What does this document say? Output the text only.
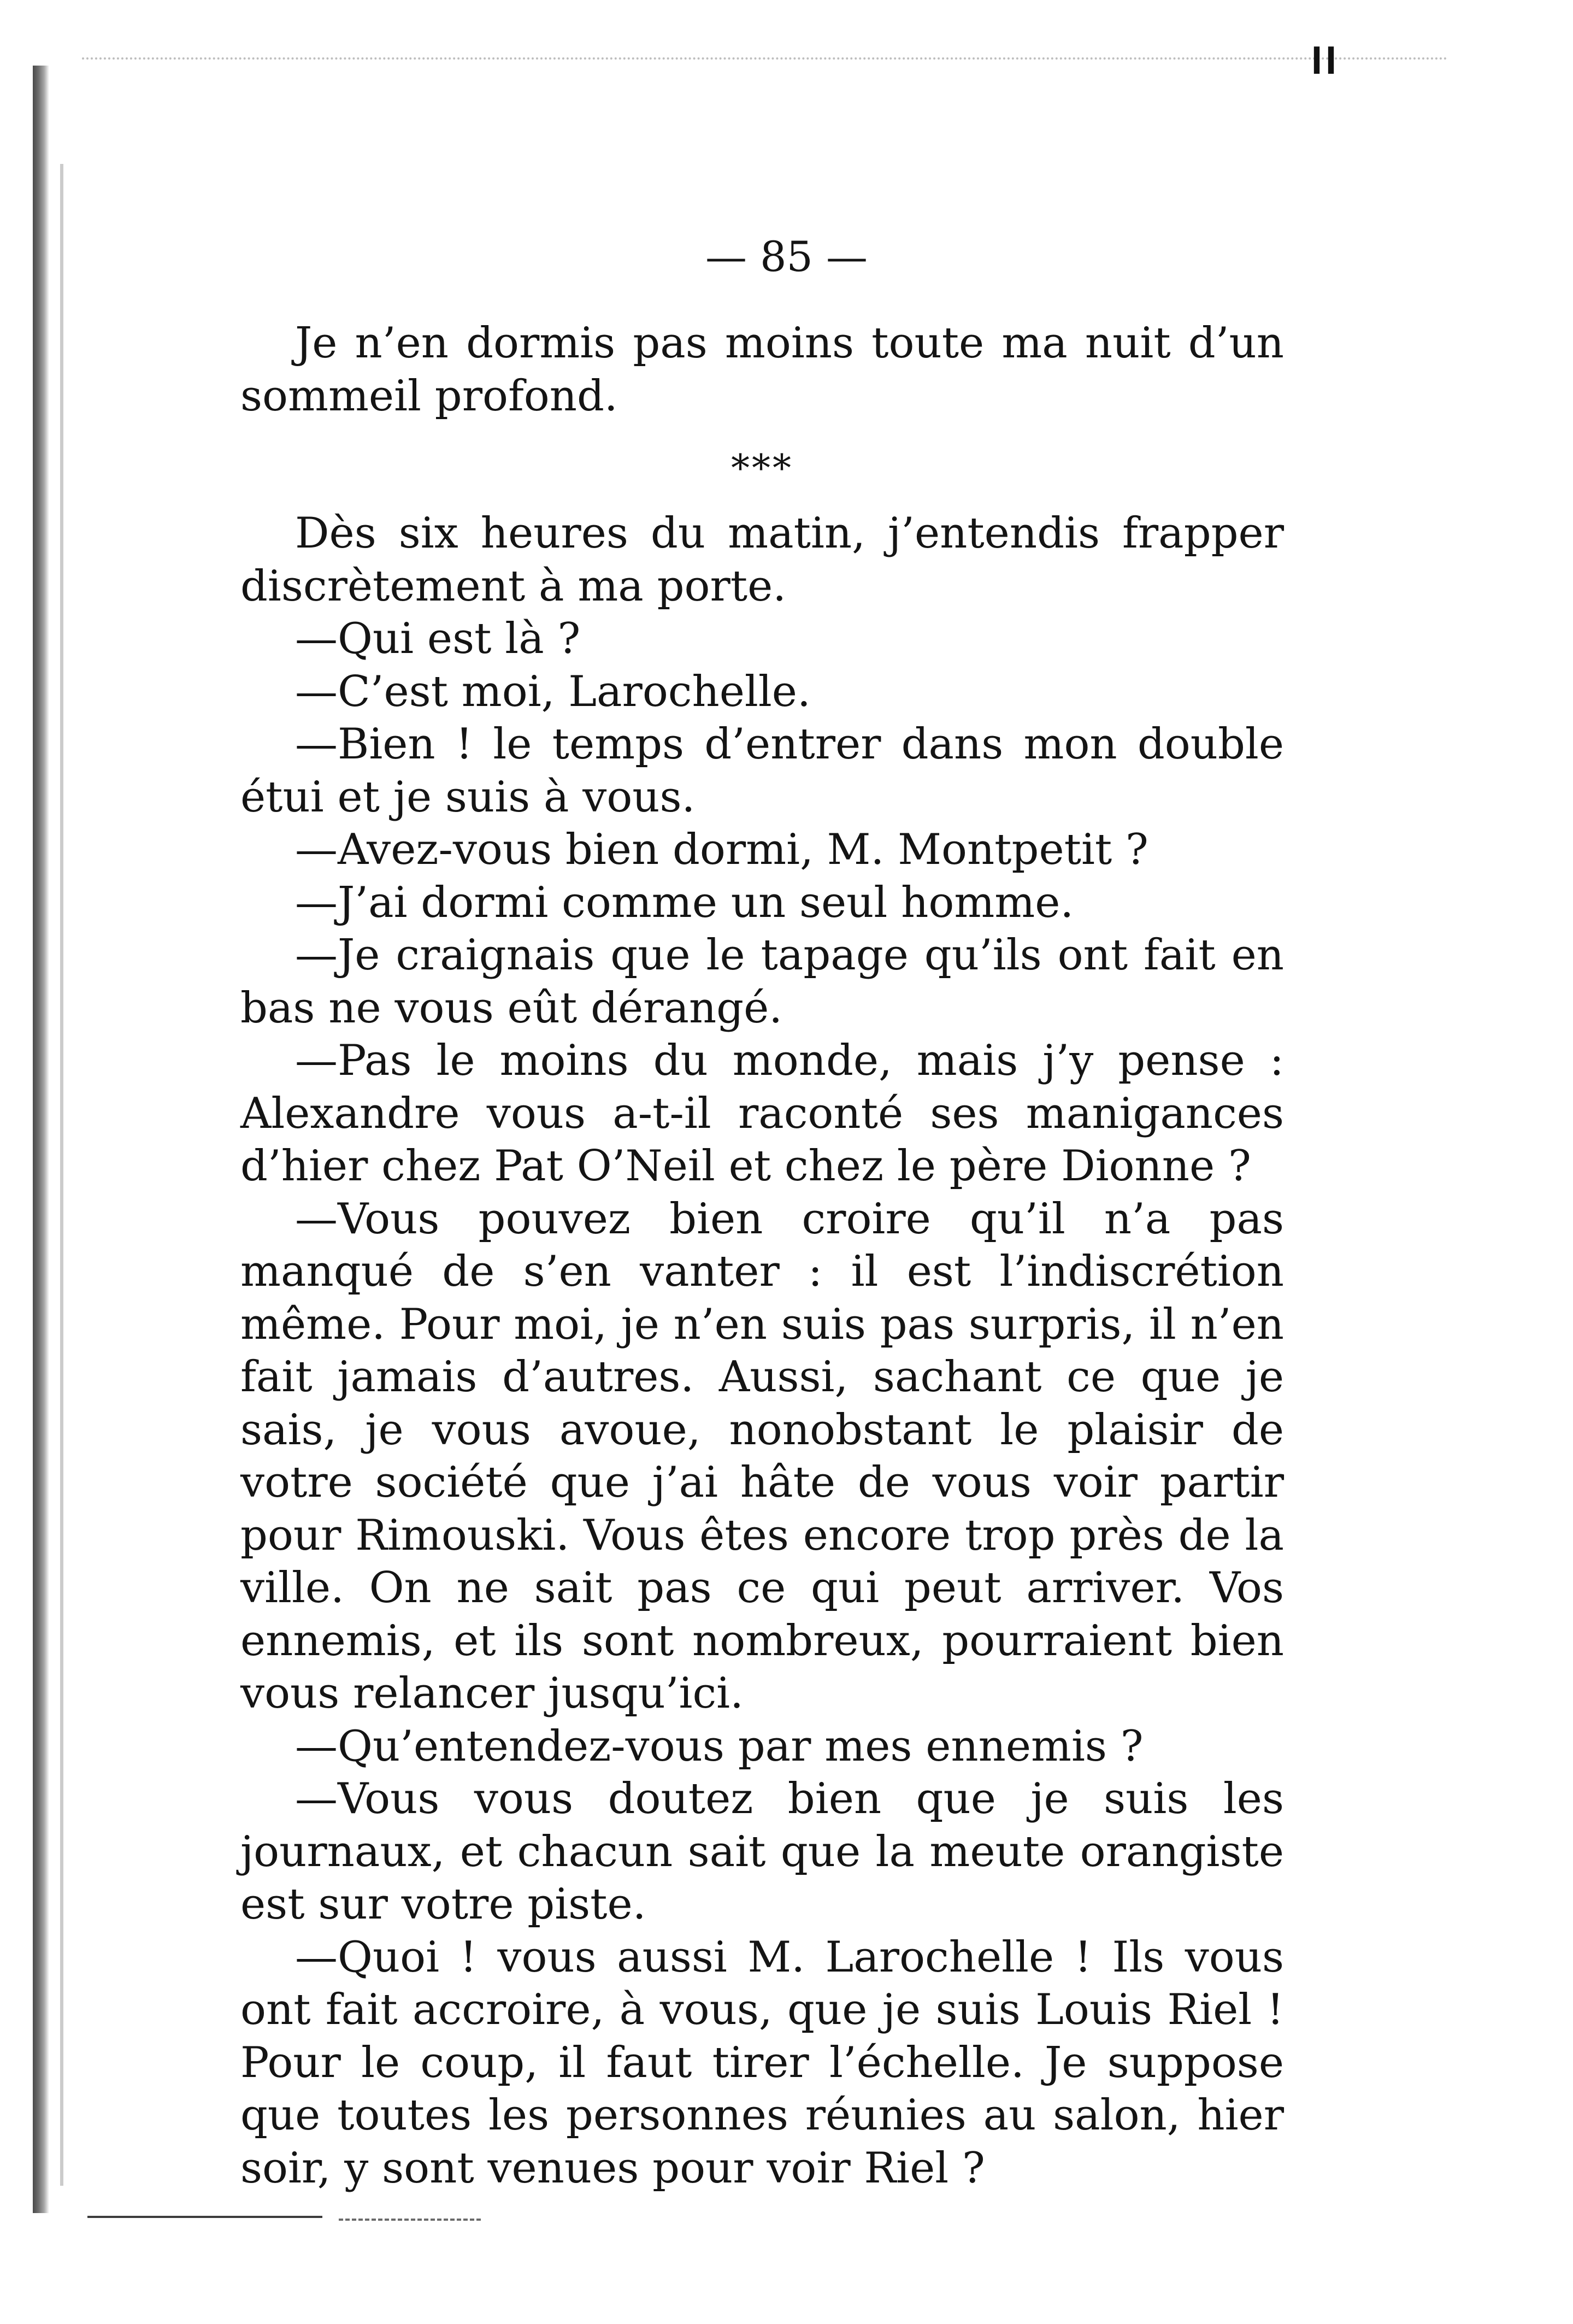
II
— 85 —

Je n’en dormis pas moins toute ma nuit d’un sommeil profond.

***

Dès six heures du matin, j’entendis frapper discrètement à ma porte.

—Qui est là ?

—C’est moi, Larochelle.

—Bien ! le temps d’entrer dans mon double étui et je suis à vous.

—Avez-vous bien dormi, M. Montpetit ?

—J’ai dormi comme un seul homme.

—Je craignais que le tapage qu’ils ont fait en bas ne vous eût dérangé.

—Pas le moins du monde, mais j’y pense : Alexandre vous a-t-il raconté ses manigances d’hier chez Pat O’Neil et chez le père Dionne ?

—Vous pouvez bien croire qu’il n’a pas manqué de s’en vanter : il est l’indiscrétion même. Pour moi, je n’en suis pas surpris, il n’en fait jamais d’autres. Aussi, sachant ce que je sais, je vous avoue, nonobstant le plaisir de votre société que j’ai hâte de vous voir partir pour Rimouski. Vous êtes encore trop près de la ville. On ne sait pas ce qui peut arriver. Vos ennemis, et ils sont nombreux, pourraient bien vous relancer jusqu’ici.

—Qu’entendez-vous par mes ennemis ?

—Vous vous doutez bien que je suis les journaux, et chacun sait que la meute orangiste est sur votre piste.

—Quoi ! vous aussi M. Larochelle ! Ils vous ont fait accroire, à vous, que je suis Louis Riel ! Pour le coup, il faut tirer l’échelle. Je suppose que toutes les personnes réunies au salon, hier soir, y sont venues pour voir Riel ?
